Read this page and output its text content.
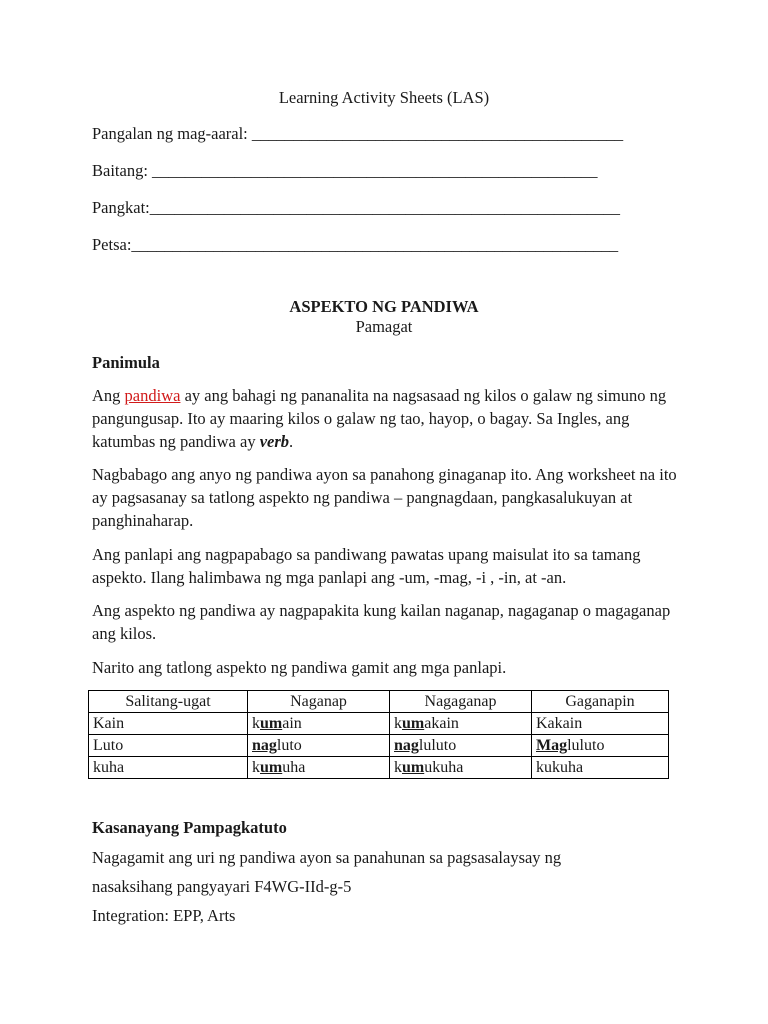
Learning Activity Sheets (LAS)
Pangalan ng mag-aaral: _____________________________________________
Baitang: ______________________________________________________
Pangkat:_________________________________________________________
Petsa:___________________________________________________________
ASPEKTO NG PANDIWA
Pamagat
Panimula
Ang pandiwa ay ang bahagi ng pananalita na nagsasaad ng kilos o galaw ng simuno ng pangungusap. Ito ay maaring kilos o galaw ng tao, hayop, o bagay. Sa Ingles, ang katumbas ng pandiwa ay verb.
Nagbabago ang anyo ng pandiwa ayon sa panahong ginaganap ito. Ang worksheet na ito ay pagsasanay sa tatlong aspekto ng pandiwa – pangnagdaan, pangkasalukuyan at panghinaharap.
Ang panlapi ang nagpapabago sa pandiwang pawatas upang maisulat ito sa tamang aspekto. Ilang halimbawa ng mga panlapi ang -um, -mag, -i , -in, at -an.
Ang aspekto ng pandiwa ay nagpapakita kung kailan naganap, nagaganap o magaganap ang kilos.
Narito ang tatlong aspekto ng pandiwa gamit ang mga panlapi.
Salitang-ugat	Naganap	Nagaganap	Gaganapin
Kain	kumain	kumakain	Kakain
Luto	nagluto	nagluluto	Magluluto
kuha	kumuha	kumukuha	kukuha
Kasanayang Pampagkatuto
Nagagamit ang uri ng pandiwa ayon sa panahunan sa pagsasalaysay ng
nasaksihang pangyayari F4WG-IId-g-5
Integration: EPP, Arts
